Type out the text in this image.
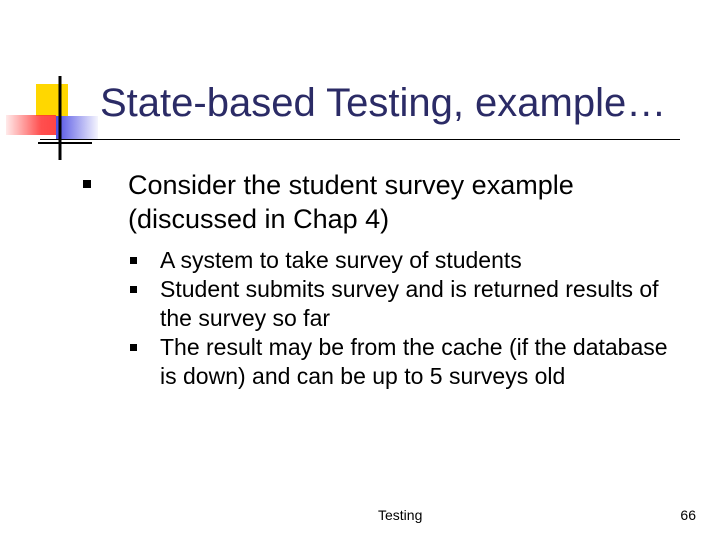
State-based Testing, example…
Consider the student survey example (discussed in Chap 4)
A system to take survey of students
Student submits survey and is returned results of the survey so far
The result may be from the cache (if the database is down) and can be up to 5 surveys old
Testing	66
